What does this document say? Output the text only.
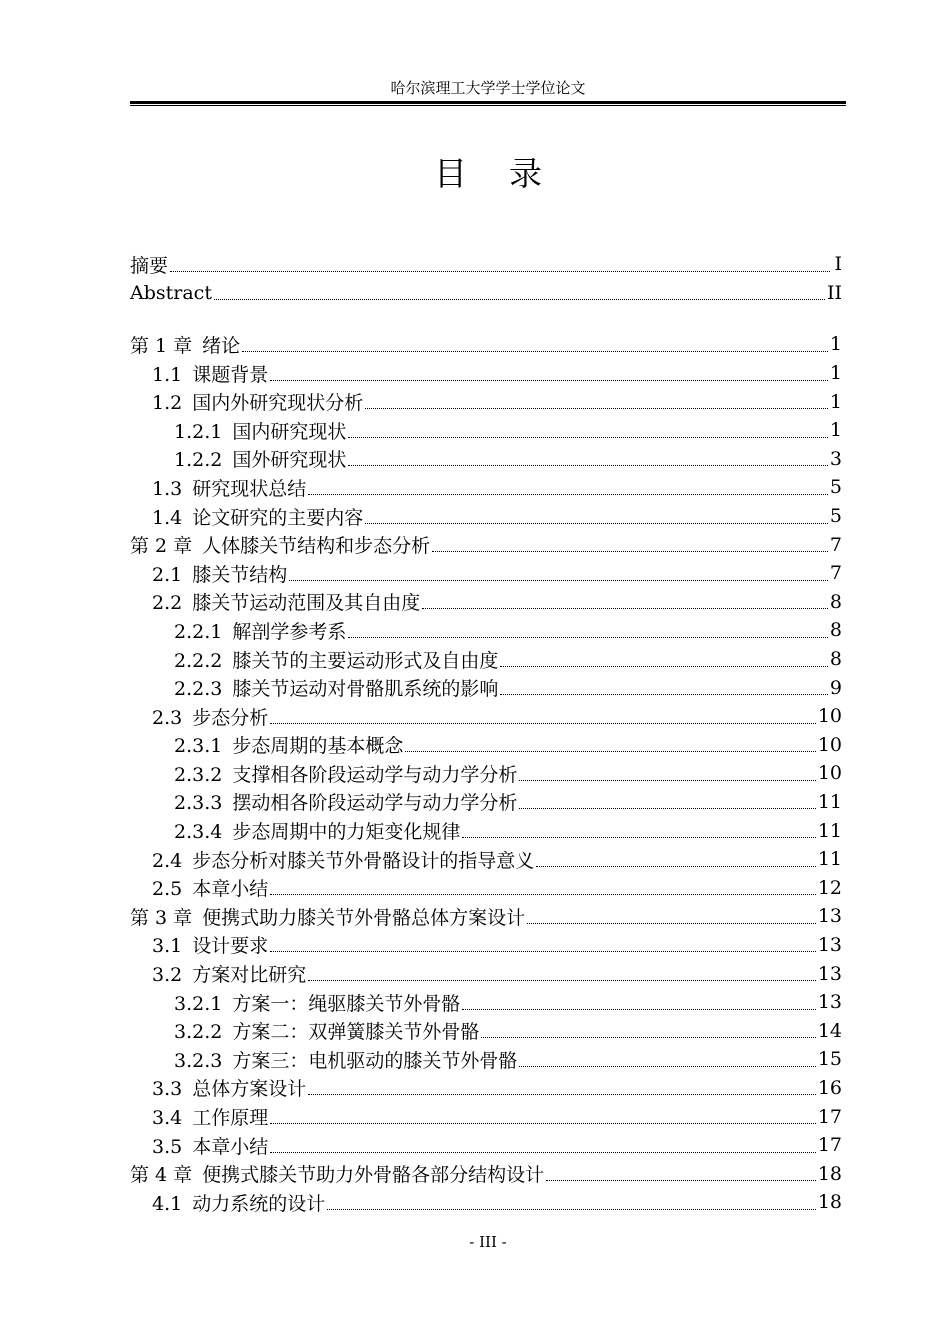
哈尔滨理工大学学士学位论文
目录
摘要	I
Abstract	II
第 1 章 绪论	1
1.1 课题背景	1
1.2 国内外研究现状分析	1
1.2.1 国内研究现状	1
1.2.2 国外研究现状	3
1.3 研究现状总结	5
1.4 论文研究的主要内容	5
第 2 章 人体膝关节结构和步态分析	7
2.1 膝关节结构	7
2.2 膝关节运动范围及其自由度	8
2.2.1 解剖学参考系	8
2.2.2 膝关节的主要运动形式及自由度	8
2.2.3 膝关节运动对骨骼肌系统的影响	9
2.3 步态分析	10
2.3.1 步态周期的基本概念	10
2.3.2 支撑相各阶段运动学与动力学分析	10
2.3.3 摆动相各阶段运动学与动力学分析	11
2.3.4 步态周期中的力矩变化规律	11
2.4 步态分析对膝关节外骨骼设计的指导意义	11
2.5 本章小结	12
第 3 章 便携式助力膝关节外骨骼总体方案设计	13
3.1 设计要求	13
3.2 方案对比研究	13
3.2.1 方案一：绳驱膝关节外骨骼	13
3.2.2 方案二：双弹簧膝关节外骨骼	14
3.2.3 方案三：电机驱动的膝关节外骨骼	15
3.3 总体方案设计	16
3.4 工作原理	17
3.5 本章小结	17
第 4 章 便携式膝关节助力外骨骼各部分结构设计	18
4.1 动力系统的设计	18
- III -
